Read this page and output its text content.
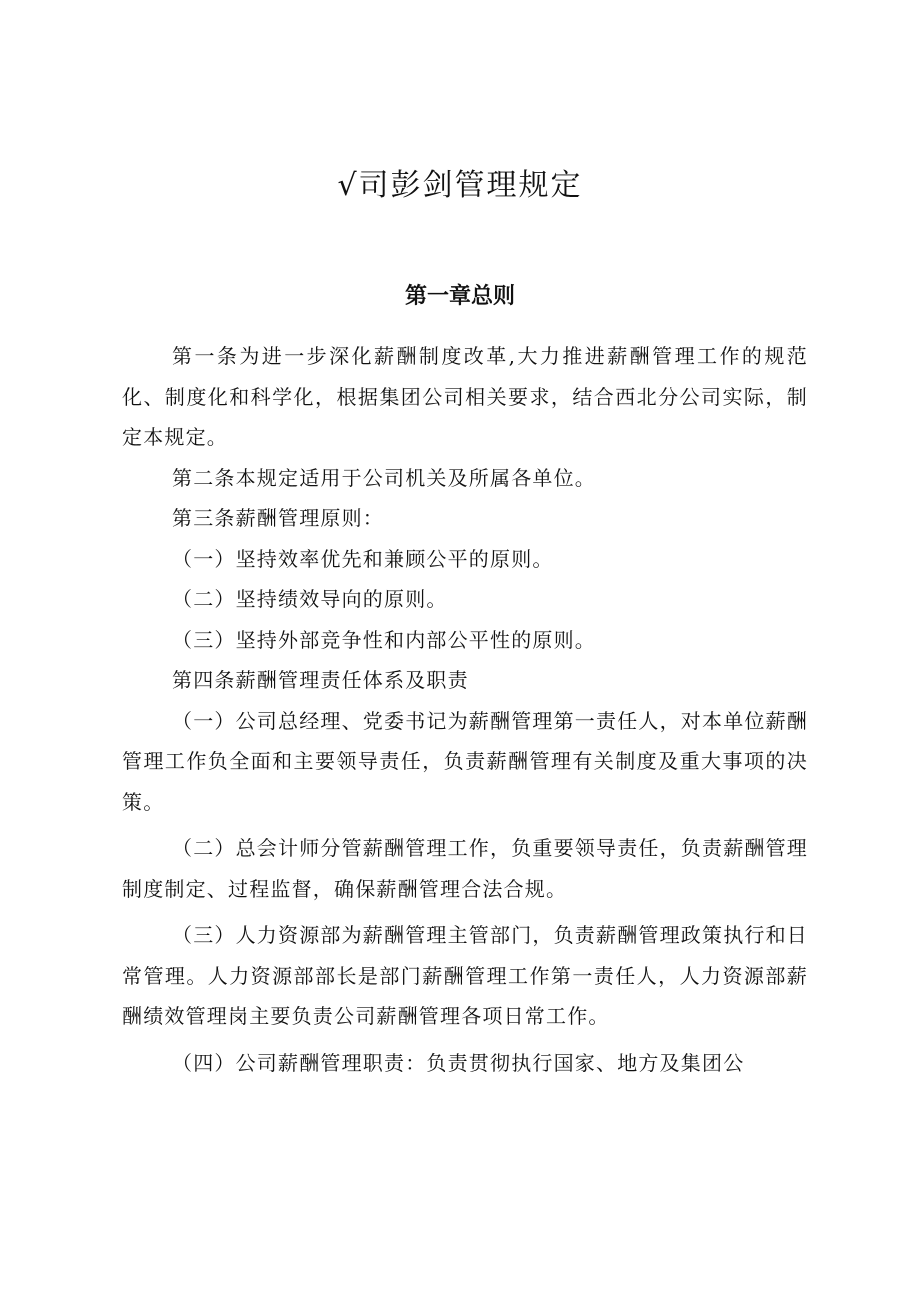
√司彭剑管理规定
第一章总则

第一条为进一步深化薪酬制度改革,大力推进薪酬管理工作的规范化、制度化和科学化，根据集团公司相关要求，结合西北分公司实际，制定本规定。

第二条本规定适用于公司机关及所属各单位。

第三条薪酬管理原则：

（一）坚持效率优先和兼顾公平的原则。

（二）坚持绩效导向的原则。

（三）坚持外部竞争性和内部公平性的原则。

第四条薪酬管理责任体系及职责

（一）公司总经理、党委书记为薪酬管理第一责任人，对本单位薪酬管理工作负全面和主要领导责任，负责薪酬管理有关制度及重大事项的决策。

（二）总会计师分管薪酬管理工作，负重要领导责任，负责薪酬管理制度制定、过程监督，确保薪酬管理合法合规。

（三）人力资源部为薪酬管理主管部门，负责薪酬管理政策执行和日常管理。人力资源部部长是部门薪酬管理工作第一责任人，人力资源部薪酬绩效管理岗主要负责公司薪酬管理各项日常工作。

（四）公司薪酬管理职责：负责贯彻执行国家、地方及集团公
